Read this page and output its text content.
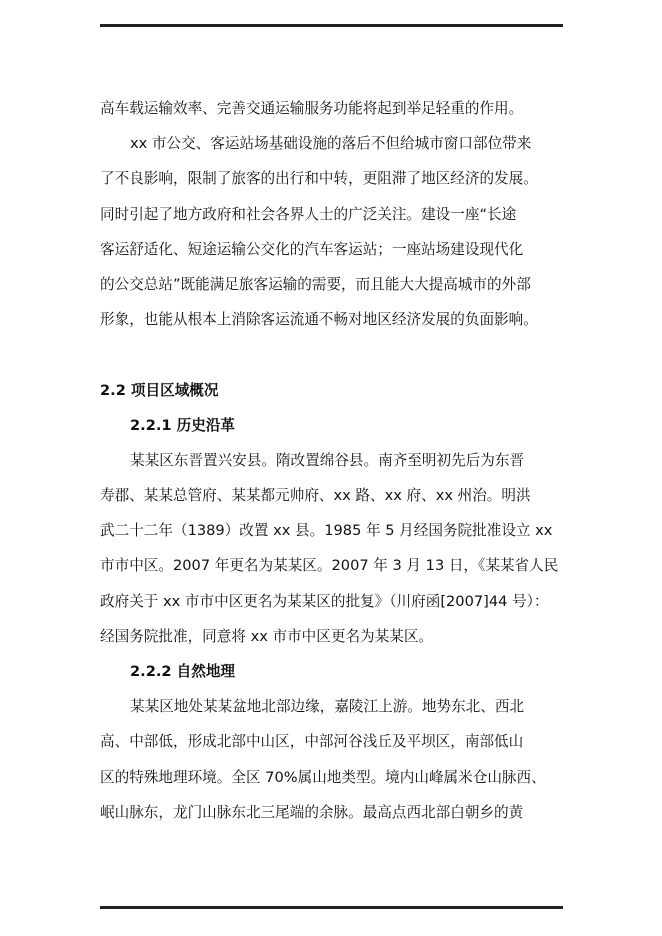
高车载运输效率、完善交通运输服务功能将起到举足轻重的作用。
xx 市公交、客运站场基础设施的落后不但给城市窗口部位带来
了不良影响，限制了旅客的出行和中转，更阻滞了地区经济的发展。
同时引起了地方政府和社会各界人士的广泛关注。建设一座“长途
客运舒适化、短途运输公交化的汽车客运站；一座站场建设现代化
的公交总站”既能满足旅客运输的需要，而且能大大提高城市的外部
形象，也能从根本上消除客运流通不畅对地区经济发展的负面影响。
2.2 项目区域概况
2.2.1 历史沿革
某某区东晋置兴安县。隋改置绵谷县。南齐至明初先后为东晋
寿郡、某某总管府、某某都元帅府、xx 路、xx 府、xx 州治。明洪
武二十二年（1389）改置 xx 县。1985 年 5 月经国务院批准设立 xx
市市中区。2007 年更名为某某区。2007 年 3 月 13 日，《某某省人民
政府关于 xx 市市中区更名为某某区的批复》（川府函[2007]44 号）：
经国务院批准，同意将 xx 市市中区更名为某某区。
2.2.2 自然地理
某某区地处某某盆地北部边缘，嘉陵江上游。地势东北、西北
高、中部低，形成北部中山区，中部河谷浅丘及平坝区，南部低山
区的特殊地理环境。全区 70%属山地类型。境内山峰属米仓山脉西、
岷山脉东，龙门山脉东北三尾端的余脉。最高点西北部白朝乡的黄
